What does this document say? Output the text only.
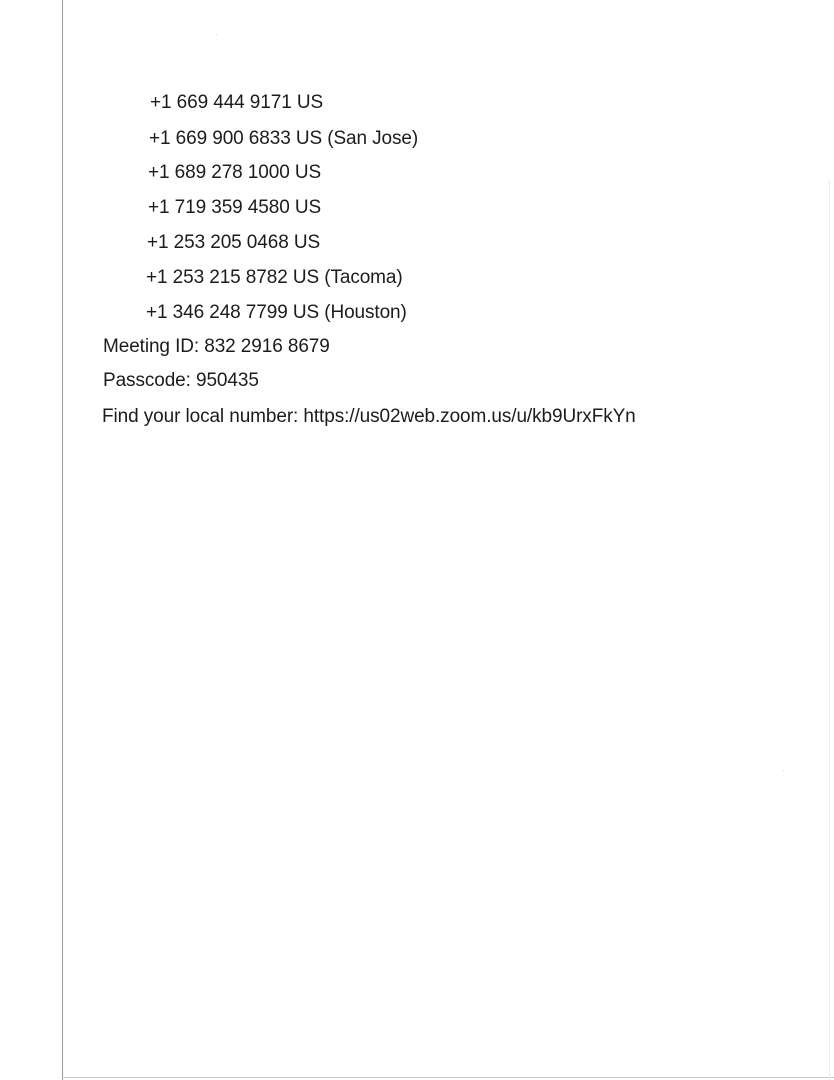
+1 669 444 9171 US
+1 669 900 6833 US (San Jose)
+1 689 278 1000 US
+1 719 359 4580 US
+1 253 205 0468 US
+1 253 215 8782 US (Tacoma)
+1 346 248 7799 US (Houston)
Meeting ID: 832 2916 8679
Passcode: 950435
Find your local number: https://us02web.zoom.us/u/kb9UrxFkYn
